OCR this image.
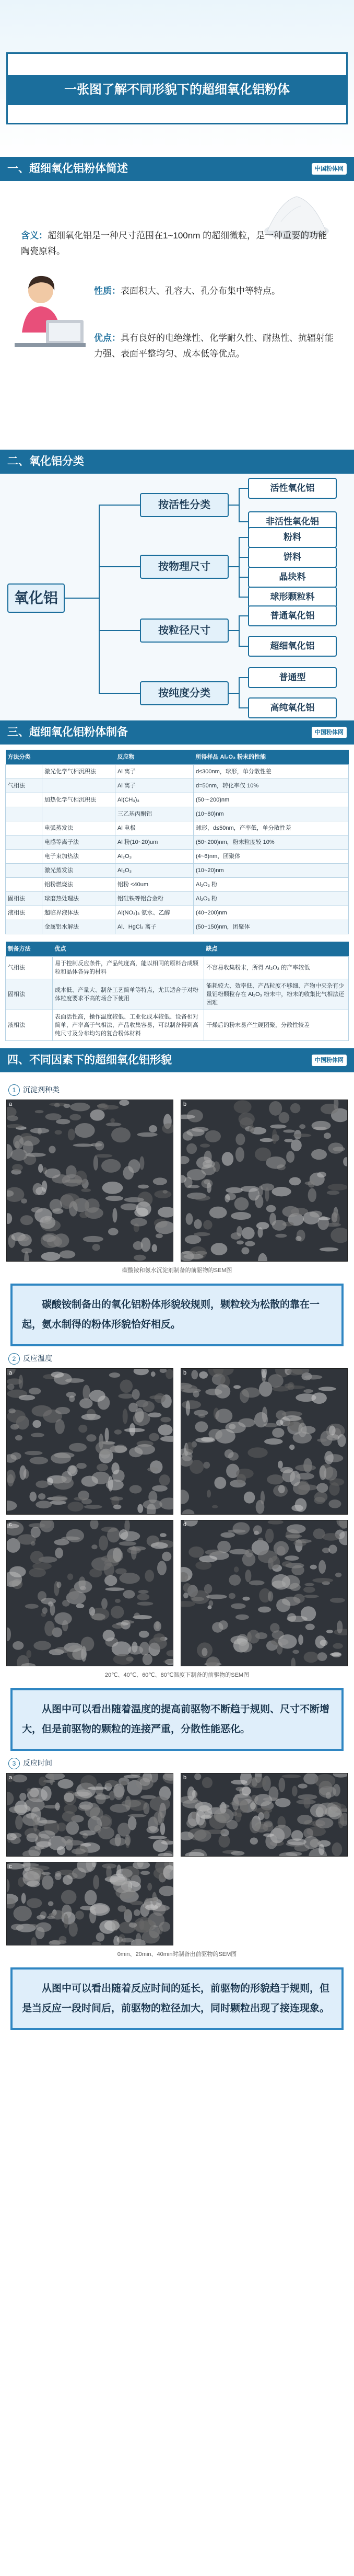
一张图了解不同形貌下的超细氧化铝粉体
一、超细氧化铝粉体简述	中国粉体网
含义：超细氧化铝是一种尺寸范围在1~100nm 的超细微粒，是一种重要的功能陶瓷原料。
性质：表面积大、孔容大、孔分布集中等特点。
优点：具有良好的电绝缘性、化学耐久性、耐热性、抗辐射能力强、表面平整均匀、成本低等优点。
二、氧化铝分类
氧化铝
按活性分类
活性氧化铝
非活性氧化铝
按物理尺寸
粉料
饼料
晶块料
球形颗粒料
按粒径尺寸
普通氧化铝
超细氧化铝
按纯度分类
普通型
高纯氧化铝
三、超细氧化铝粉体制备	中国粉体网
方法分类		反应物	所得样品 Al₂O₃ 粉末的性能
	激光化学气相沉积法	Al 离子	d≤300nm，球形，单分散性差
气相法		Al 离子	d=50nm，转化率仅 10%
	加热化学气相沉积法	Al(CH₃)₃	(50～200)nm
		三乙基丙酮铝	(10~80)nm
	电弧蒸发法	Al 电极	球形，d≤50nm，产率低，单分散性差
	电感等离子法	Al 粉(10~20)um	(50~200)nm，粉末粒度较 10%
	电子束加热法	Al₂O₃	(4~6)nm，团聚体
	激光蒸发法	Al₂O₃	(10~20)nm
	铝粉燃烧法	铝粉 <40um	Al₂O₃ 粉
固相法	球磨热处理法	铝硅铁等铝合金粉	Al₂O₃ 粉
液相法	超临界液体法	Al(NO₃)₃ 氨水、乙醇	(40~200)nm
	金属铝水解法	Al、HgCl₂ 离子	(50~150)nm，团聚体
制备方法	优点	缺点
气相法	易于控制反应条件，产品纯度高，能以相同的原料合成颗粒和晶体各异的材料	不容易收集粉末，所得 Al₂O₃ 的产率较低
固相法	成本低、产量大、制备工艺简单等特点，尤其适合于对粉体粒度要求不高的场合下使用	能耗较大、效率低、产品粒度不够细、产物中夹杂有少量铝粉颗粒存在 Al₂O₃ 粉末中，粉末的收集比气相法还困难
液相法	表面活性高，操作温度较低、工业化成本较低、设备相对简单，产率高于气相法，产品收集容易，可以制备得到高纯尺寸及分布均匀的复合粉体材料	干燥后的粉末易产生硬团聚，分散性较差
四、不同因素下的超细氧化铝形貌	中国粉体网
1 沉淀剂种类
a	b
碳酸铵和氨水沉淀剂制备的前驱物的SEM图
碳酸铵制备出的氧化铝粉体形貌较规则，颗粒较为松散的靠在一起，氨水制得的粉体形貌恰好相反。
2 反应温度
a	b
c	d
20℃、40℃、60℃、80℃温度下制备的前驱物的SEM图
从图中可以看出随着温度的提高前驱物不断趋于规则、尺寸不断增大，但是前驱物的颗粒的连接严重，分散性能恶化。
3 反应时间
a	b
c
0min、20min、40min时制备出前驱物的SEM图
从图中可以看出随着反应时间的延长，前驱物的形貌趋于规则，但是当反应一段时间后，前驱物的粒径加大，同时颗粒出现了接连现象。
